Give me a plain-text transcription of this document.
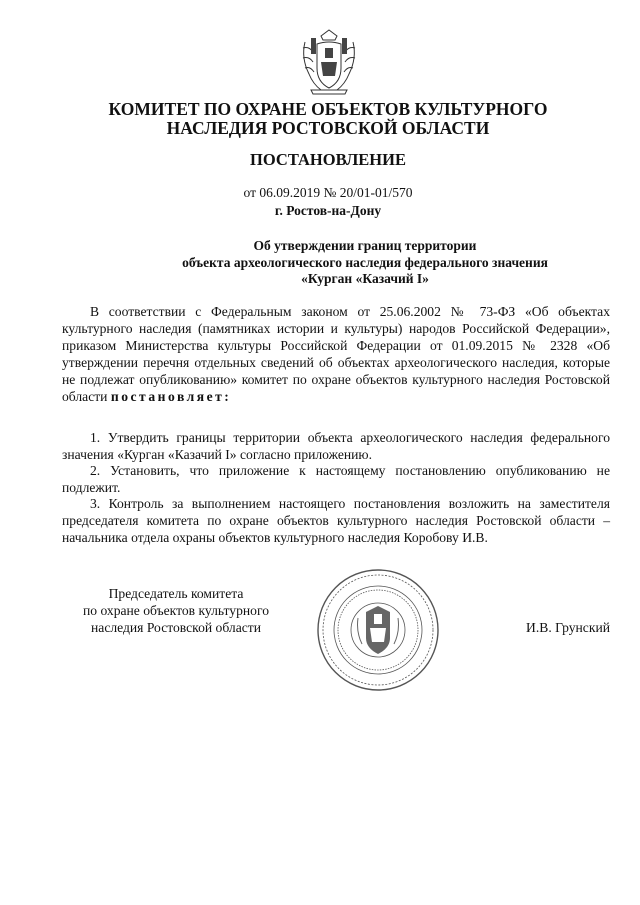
КОМИТЕТ ПО ОХРАНЕ ОБЪЕКТОВ КУЛЬТУРНОГО
НАСЛЕДИЯ РОСТОВСКОЙ ОБЛАСТИ
ПОСТАНОВЛЕНИЕ
от 06.09.2019 № 20/01-01/570
г. Ростов-на-Дону
Об утверждении границ территории
объекта археологического наследия федерального значения
«Курган «Казачий I»

В соответствии с Федеральным законом от 25.06.2002 № 73-ФЗ «Об объектах культурного наследия (памятниках истории и культуры) народов Российской Федерации», приказом Министерства культуры Российской Федерации от 01.09.2015 № 2328 «Об утверждении перечня отдельных сведений об объектах археологического наследия, которые не подлежат опубликованию» комитет по охране объектов культурного наследия Ростовской области постановляет:

1. Утвердить границы территории объекта археологического наследия федерального значения «Курган «Казачий I» согласно приложению.

2. Установить, что приложение к настоящему постановлению опубликованию не подлежит.

3. Контроль за выполнением настоящего постановления возложить на заместителя председателя комитета по охране объектов культурного наследия Ростовской области – начальника отдела охраны объектов культурного наследия Коробову И.В.

Председатель комитета
по охране объектов культурного
наследия Ростовской области	И.В. Грунский
